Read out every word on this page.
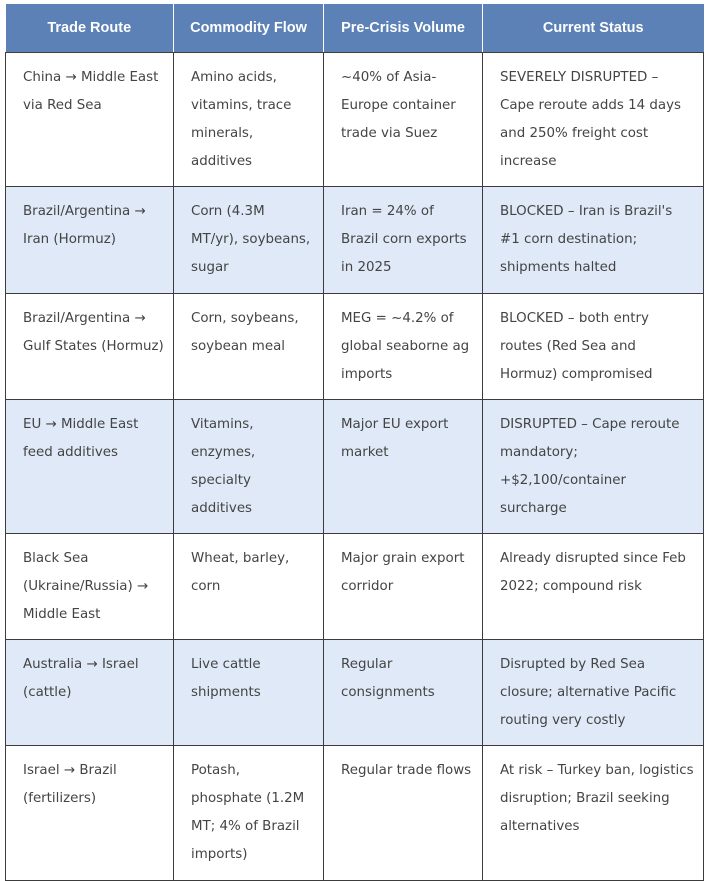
Trade Route	Commodity Flow	Pre-Crisis Volume	Current Status
China → Middle East via Red Sea	Amino acids, vitamins, trace minerals, additives	~40% of Asia-Europe container trade via Suez	SEVERELY DISRUPTED – Cape reroute adds 14 days and 250% freight cost increase
Brazil/Argentina → Iran (Hormuz)	Corn (4.3M MT/yr), soybeans, sugar	Iran = 24% of Brazil corn exports in 2025	BLOCKED – Iran is Brazil's #1 corn destination; shipments halted
Brazil/Argentina → Gulf States (Hormuz)	Corn, soybeans, soybean meal	MEG = ~4.2% of global seaborne ag imports	BLOCKED – both entry routes (Red Sea and Hormuz) compromised
EU → Middle East feed additives	Vitamins, enzymes, specialty additives	Major EU export market	DISRUPTED – Cape reroute mandatory; +$2,100/container surcharge
Black Sea (Ukraine/Russia) → Middle East	Wheat, barley, corn	Major grain export corridor	Already disrupted since Feb 2022; compound risk
Australia → Israel (cattle)	Live cattle shipments	Regular consignments	Disrupted by Red Sea closure; alternative Pacific routing very costly
Israel → Brazil (fertilizers)	Potash, phosphate (1.2M MT; 4% of Brazil imports)	Regular trade flows	At risk – Turkey ban, logistics disruption; Brazil seeking alternatives
